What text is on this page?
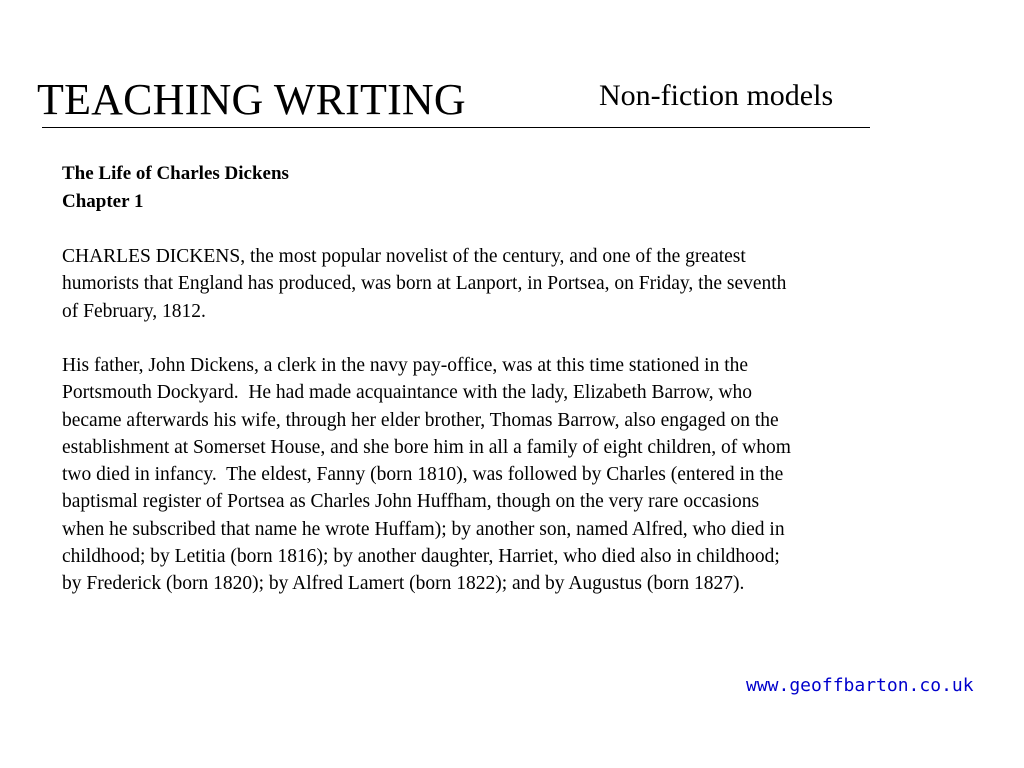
TEACHING WRITING	Non-fiction models
The Life of Charles Dickens
Chapter 1
CHARLES DICKENS, the most popular novelist of the century, and one of the greatest
humorists that England has produced, was born at Lanport, in Portsea, on Friday, the seventh
of February, 1812.
His father, John Dickens, a clerk in the navy pay-office, was at this time stationed in the
Portsmouth Dockyard.  He had made acquaintance with the lady, Elizabeth Barrow, who
became afterwards his wife, through her elder brother, Thomas Barrow, also engaged on the
establishment at Somerset House, and she bore him in all a family of eight children, of whom
two died in infancy.  The eldest, Fanny (born 1810), was followed by Charles (entered in the
baptismal register of Portsea as Charles John Huffham, though on the very rare occasions
when he subscribed that name he wrote Huffam); by another son, named Alfred, who died in
childhood; by Letitia (born 1816); by another daughter, Harriet, who died also in childhood;
by Frederick (born 1820); by Alfred Lamert (born 1822); and by Augustus (born 1827).
www.geoffbarton.co.uk
